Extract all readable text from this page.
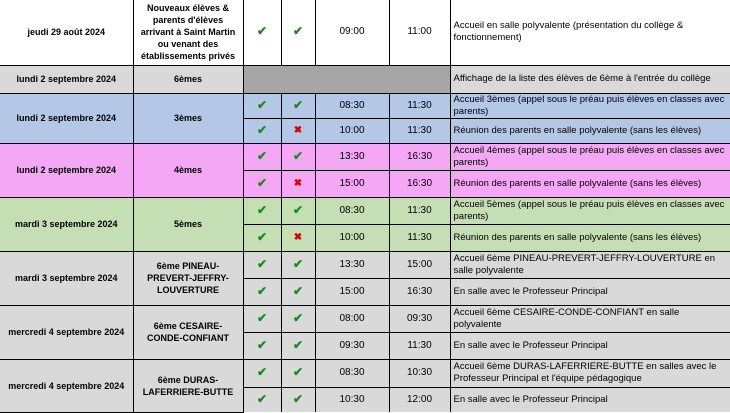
jeudi 29 août 2024	Nouveaux élèves & parents d'élèves arrivant à Saint Martin ou venant des établissements privés	✔	✔	09:00	11:00	Accueil en salle polyvalente (présentation du collège & fonctionnement)
lundi 2 septembre 2024	6èmes					Affichage de la liste des élèves de 6ème à l'entrée du collège
lundi 2 septembre 2024	3èmes	✔	✔	08:30	11:30	Accueil 3èmes (appel sous le préau puis élèves en classes avec parents)
		✔	✖	10:00	11:30	Réunion des parents en salle polyvalente (sans les élèves)
lundi 2 septembre 2024	4èmes	✔	✔	13:30	16:30	Accueil 4èmes (appel sous le préau puis élèves en classes avec parents)
		✔	✖	15:00	16:30	Réunion des parents en salle polyvalente (sans les élèves)
mardi 3 septembre 2024	5èmes	✔	✔	08:30	11:30	Accueil 5èmes (appel sous le préau puis élèves en classes avec parents)
		✔	✖	10:00	11:30	Réunion des parents en salle polyvalente (sans les élèves)
mardi 3 septembre 2024	6ème PINEAU-PREVERT-JEFFRY-LOUVERTURE	✔	✔	13:30	15:00	Accueil 6ème PINEAU-PREVERT-JEFFRY-LOUVERTURE en salle polyvalente
		✔	✔	15:00	16:30	En salle avec le Professeur Principal
mercredi 4 septembre 2024	6ème CESAIRE-CONDE-CONFIANT	✔	✔	08:00	09:30	Accueil 6ème CESAIRE-CONDE-CONFIANT en salle polyvalente
		✔	✔	09:30	11:30	En salle avec le Professeur Principal
mercredi 4 septembre 2024	6ème DURAS-LAFERRIERE-BUTTE	✔	✔	08:30	10:30	Accueil 6ème DURAS-LAFERRIERE-BUTTE en salles avec le Professeur Principal et l'équipe pédagogique
		✔	✔	10:30	12:00	En salle avec le Professeur Principal
